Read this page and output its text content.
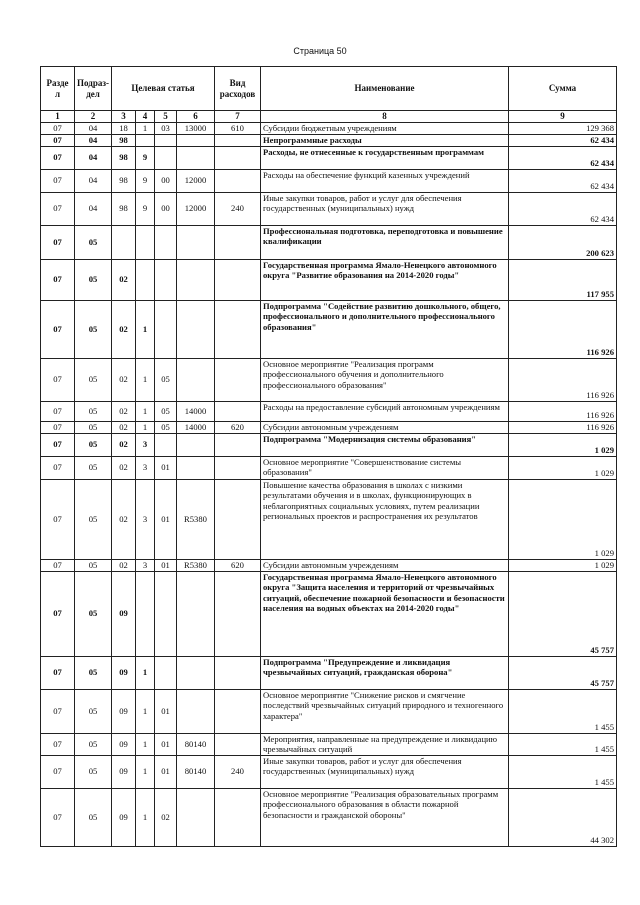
Страница 50
Разде л	Подраз- дел	Целевая статья				Вид расходов	Наименование	Сумма
1	2	3	4	5	6	7	8	9
07	04	18	1	03	13000	610	Субсидии бюджетным учреждениям	129 368
07	04	98					Непрограммные расходы	62 434
07	04	98	9				Расходы, не отнесенные к государственным программам	62 434
07	04	98	9	00	12000		Расходы на обеспечение функций казенных учреждений	62 434
07	04	98	9	00	12000	240	Иные закупки товаров, работ и услуг для обеспечения государственных (муниципальных) нужд	62 434
07	05						Профессиональная подготовка, переподготовка и повышение квалификации	200 623
07	05	02					Государственная программа Ямало-Ненецкого автономного округа "Развитие образования на 2014-2020 годы"	117 955
07	05	02	1				Подпрограмма "Содействие развитию дошкольного, общего, профессионального и дополнительного профессионального образования"	116 926
07	05	02	1	05			Основное мероприятие "Реализация программ профессионального обучения и дополнительного профессионального образования"	116 926
07	05	02	1	05	14000		Расходы на предоставление субсидий автономным учреждениям	116 926
07	05	02	1	05	14000	620	Субсидии автономным учреждениям	116 926
07	05	02	3				Подпрограмма "Модернизация системы образования"	1 029
07	05	02	3	01			Основное мероприятие "Совершенствование системы образования"	1 029
07	05	02	3	01	R5380		Повышение качества образования в школах с низкими результатами обучения и в школах, функционирующих в неблагоприятных социальных условиях, путем реализации региональных проектов и распространения их результатов	1 029
07	05	02	3	01	R5380	620	Субсидии автономным учреждениям	1 029
07	05	09					Государственная программа Ямало-Ненецкого автономного округа "Защита населения и территорий от чрезвычайных ситуаций, обеспечение пожарной безопасности и безопасности населения на водных объектах на 2014-2020 годы"	45 757
07	05	09	1				Подпрограмма "Предупреждение и ликвидация чрезвычайных ситуаций, гражданская оборона"	45 757
07	05	09	1	01			Основное мероприятие "Снижение рисков и смягчение последствий чрезвычайных ситуаций природного и техногенного характера"	1 455
07	05	09	1	01	80140		Мероприятия, направленные на предупреждение и ликвидацию чрезвычайных ситуаций	1 455
07	05	09	1	01	80140	240	Иные закупки товаров, работ и услуг для обеспечения государственных (муниципальных) нужд	1 455
07	05	09	1	02			Основное мероприятие "Реализация образовательных программ профессионального образования в области пожарной безопасности и гражданской обороны"	44 302
